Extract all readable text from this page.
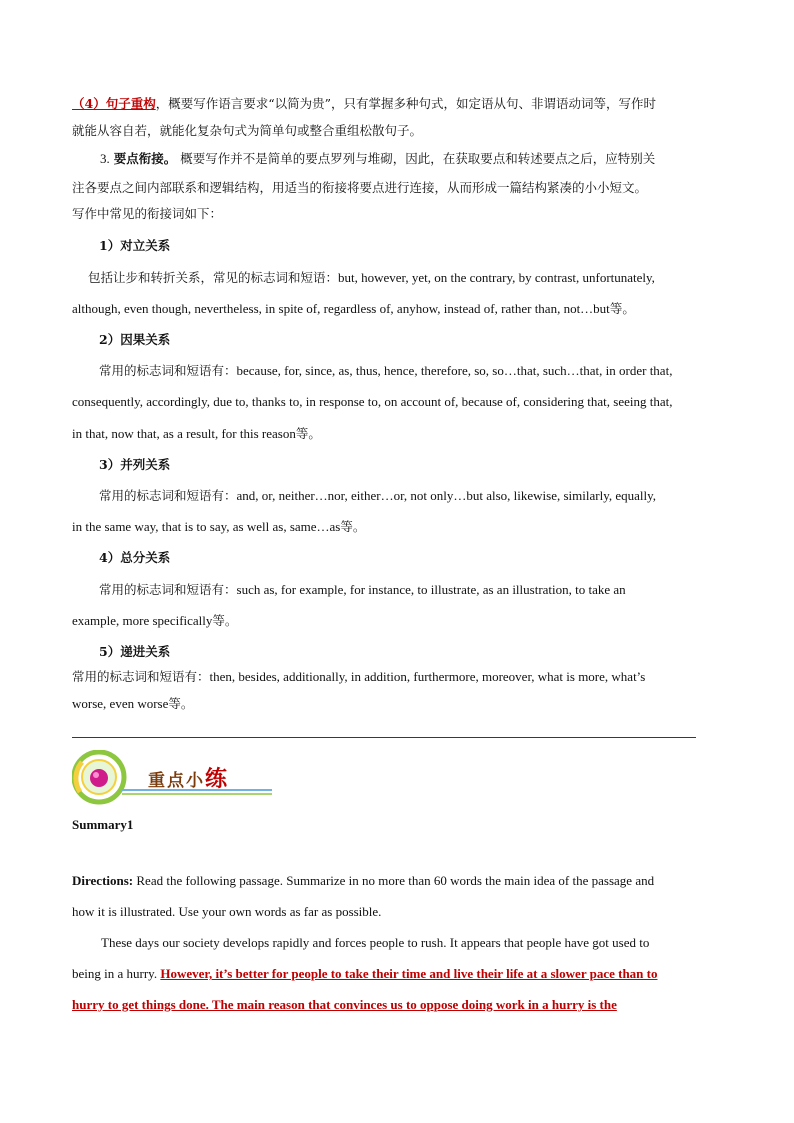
（4）句子重构，概要写作语言要求“以简为贵”，只有掌握多种句式，如定语从句、非谓语动词等，写作时
就能从容自若，就能化复杂句式为简单句或整合重组松散句子。
3. 要点衔接。 概要写作并不是简单的要点罗列与堆砌，因此，在获取要点和转述要点之后，应特别关
注各要点之间内部联系和逻辑结构，用适当的衔接将要点进行连接，从而形成一篇结构紧凑的小小短文。
写作中常见的衔接词如下：
1）对立关系
包括让步和转折关系，常见的标志词和短语：but, however, yet, on the contrary, by contrast, unfortunately,
although, even though, nevertheless, in spite of, regardless of, anyhow, instead of, rather than, not…but等。
2）因果关系
常用的标志词和短语有：because, for, since, as, thus, hence, therefore, so, so…that, such…that, in order that,
consequently, accordingly, due to, thanks to, in response to, on account of, because of, considering that, seeing that,
in that, now that, as a result, for this reason等。
3）并列关系
常用的标志词和短语有：and, or, neither…nor, either…or, not only…but also, likewise, similarly, equally,
in the same way, that is to say, as well as, same…as等。
4）总分关系
常用的标志词和短语有：such as, for example, for instance, to illustrate, as an illustration, to take an
example, more specifically等。
5）递进关系
常用的标志词和短语有：then, besides, additionally, in addition, furthermore, moreover, what is more, what’s
worse, even worse等。
重点小练
Summary1
Directions: Read the following passage. Summarize in no more than 60 words the main idea of the passage and
how it is illustrated. Use your own words as far as possible.
These days our society develops rapidly and forces people to rush. It appears that people have got used to
being in a hurry. However, it’s better for people to take their time and live their life at a slower pace than to
hurry to get things done. The main reason that convinces us to oppose doing work in a hurry is the
